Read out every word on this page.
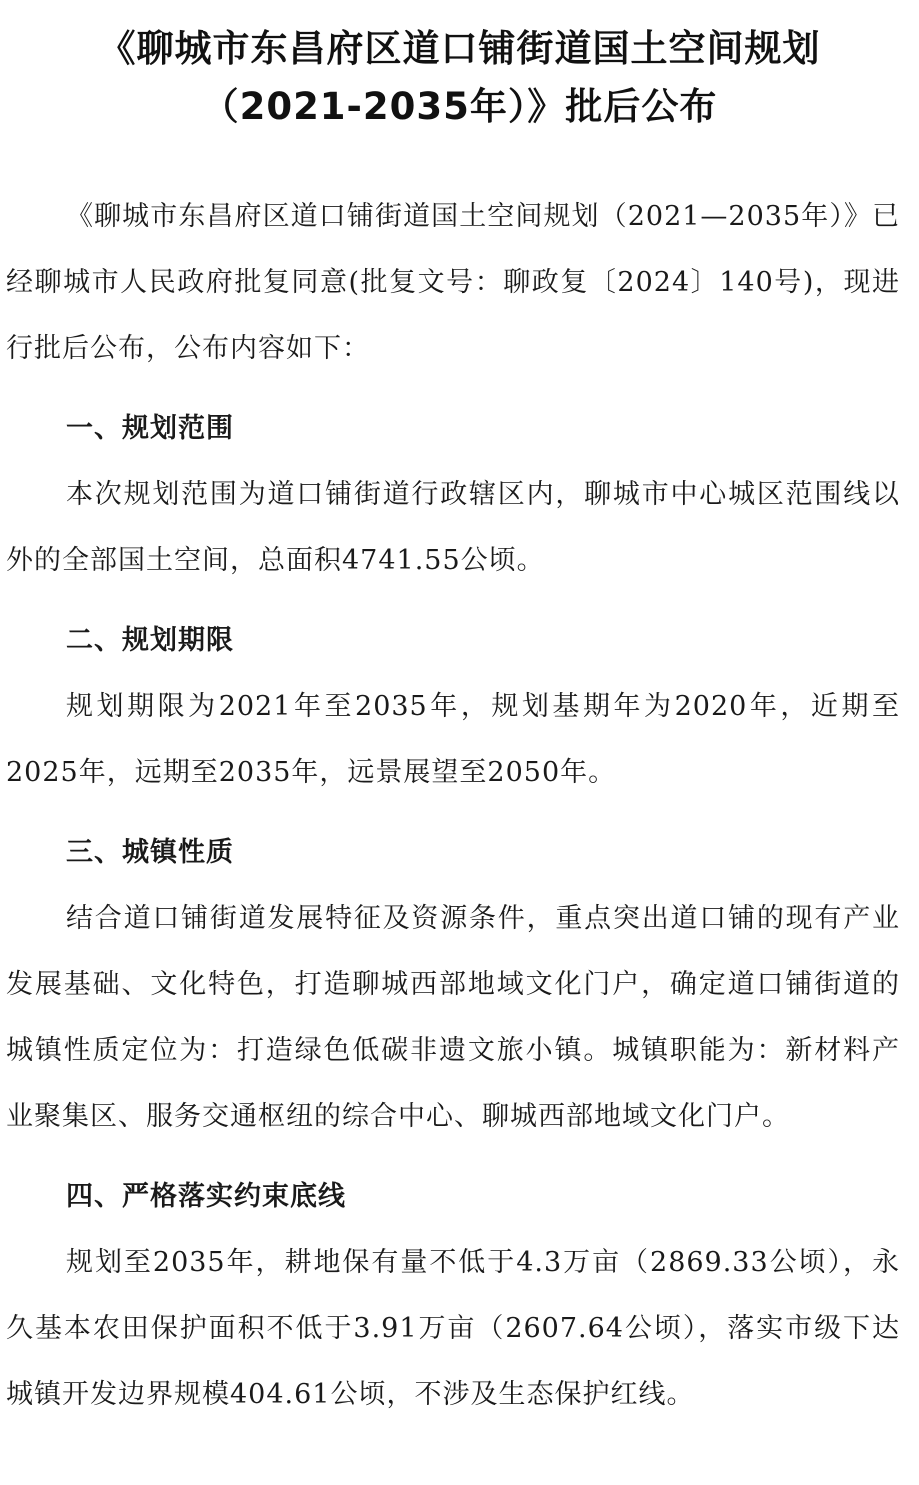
《聊城市东昌府区道口铺街道国土空间规划
（2021-2035年）》批后公布

《聊城市东昌府区道口铺街道国土空间规划（2021—2035年）》已经聊城市人民政府批复同意(批复文号：聊政复〔2024〕140号)，现进行批后公布，公布内容如下：

一、规划范围

本次规划范围为道口铺街道行政辖区内，聊城市中心城区范围线以外的全部国土空间，总面积4741.55公顷。

二、规划期限

规划期限为2021年至2035年，规划基期年为2020年，近期至2025年，远期至2035年，远景展望至2050年。

三、城镇性质

结合道口铺街道发展特征及资源条件，重点突出道口铺的现有产业发展基础、文化特色，打造聊城西部地域文化门户，确定道口铺街道的城镇性质定位为：打造绿色低碳非遗文旅小镇。城镇职能为：新材料产业聚集区、服务交通枢纽的综合中心、聊城西部地域文化门户。

四、严格落实约束底线

规划至2035年，耕地保有量不低于4.3万亩（2869.33公顷），永久基本农田保护面积不低于3.91万亩（2607.64公顷），落实市级下达城镇开发边界规模404.61公顷，不涉及生态保护红线。
